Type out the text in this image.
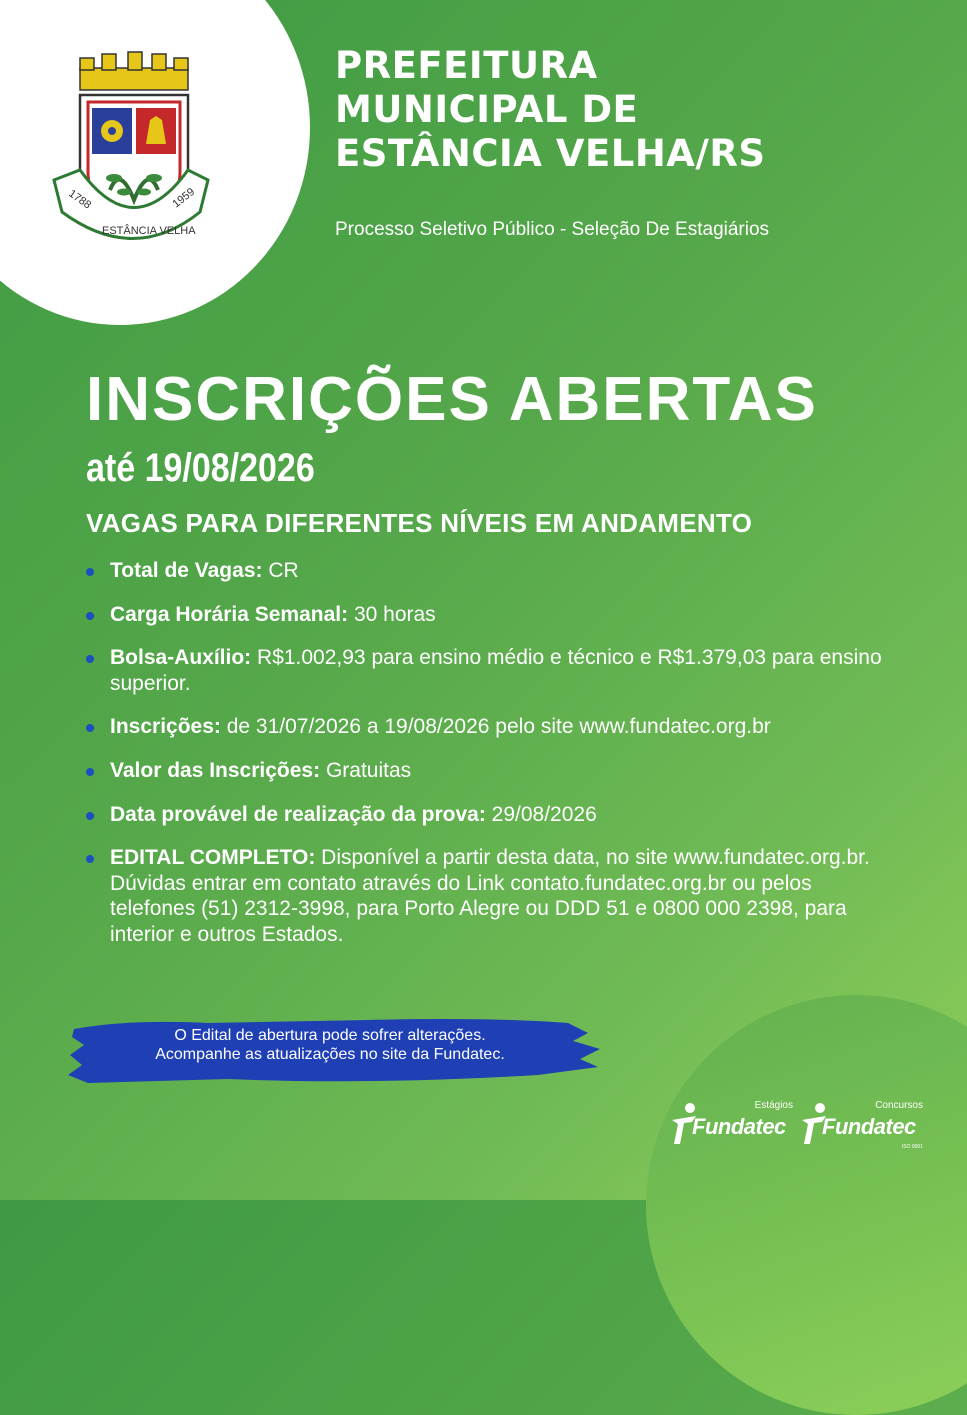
1788	1959
ESTÂNCIA VELHA
PREFEITURA
MUNICIPAL DE
ESTÂNCIA VELHA/RS
Processo Seletivo Público - Seleção De Estagiários
INSCRIÇÕES ABERTAS
até 19/08/2026
VAGAS PARA DIFERENTES NÍVEIS EM ANDAMENTO
Total de Vagas: CR
Carga Horária Semanal: 30 horas
Bolsa-Auxílio: R$1.002,93 para ensino médio e técnico e R$1.379,03 para ensino superior.
Inscrições: de 31/07/2026 a 19/08/2026 pelo site www.fundatec.org.br
Valor das Inscrições: Gratuitas
Data provável de realização da prova: 29/08/2026
EDITAL COMPLETO: Disponível a partir desta data, no site www.fundatec.org.br. Dúvidas entrar em contato através do Link contato.fundatec.org.br ou pelos telefones (51) 2312-3998, para Porto Alegre ou DDD 51 e 0800 000 2398, para interior e outros Estados.
O Edital de abertura pode sofrer alterações.
Acompanhe as atualizações no site da Fundatec.
Estágios
Fundatec
Concursos
Fundatec
ISO 9001
